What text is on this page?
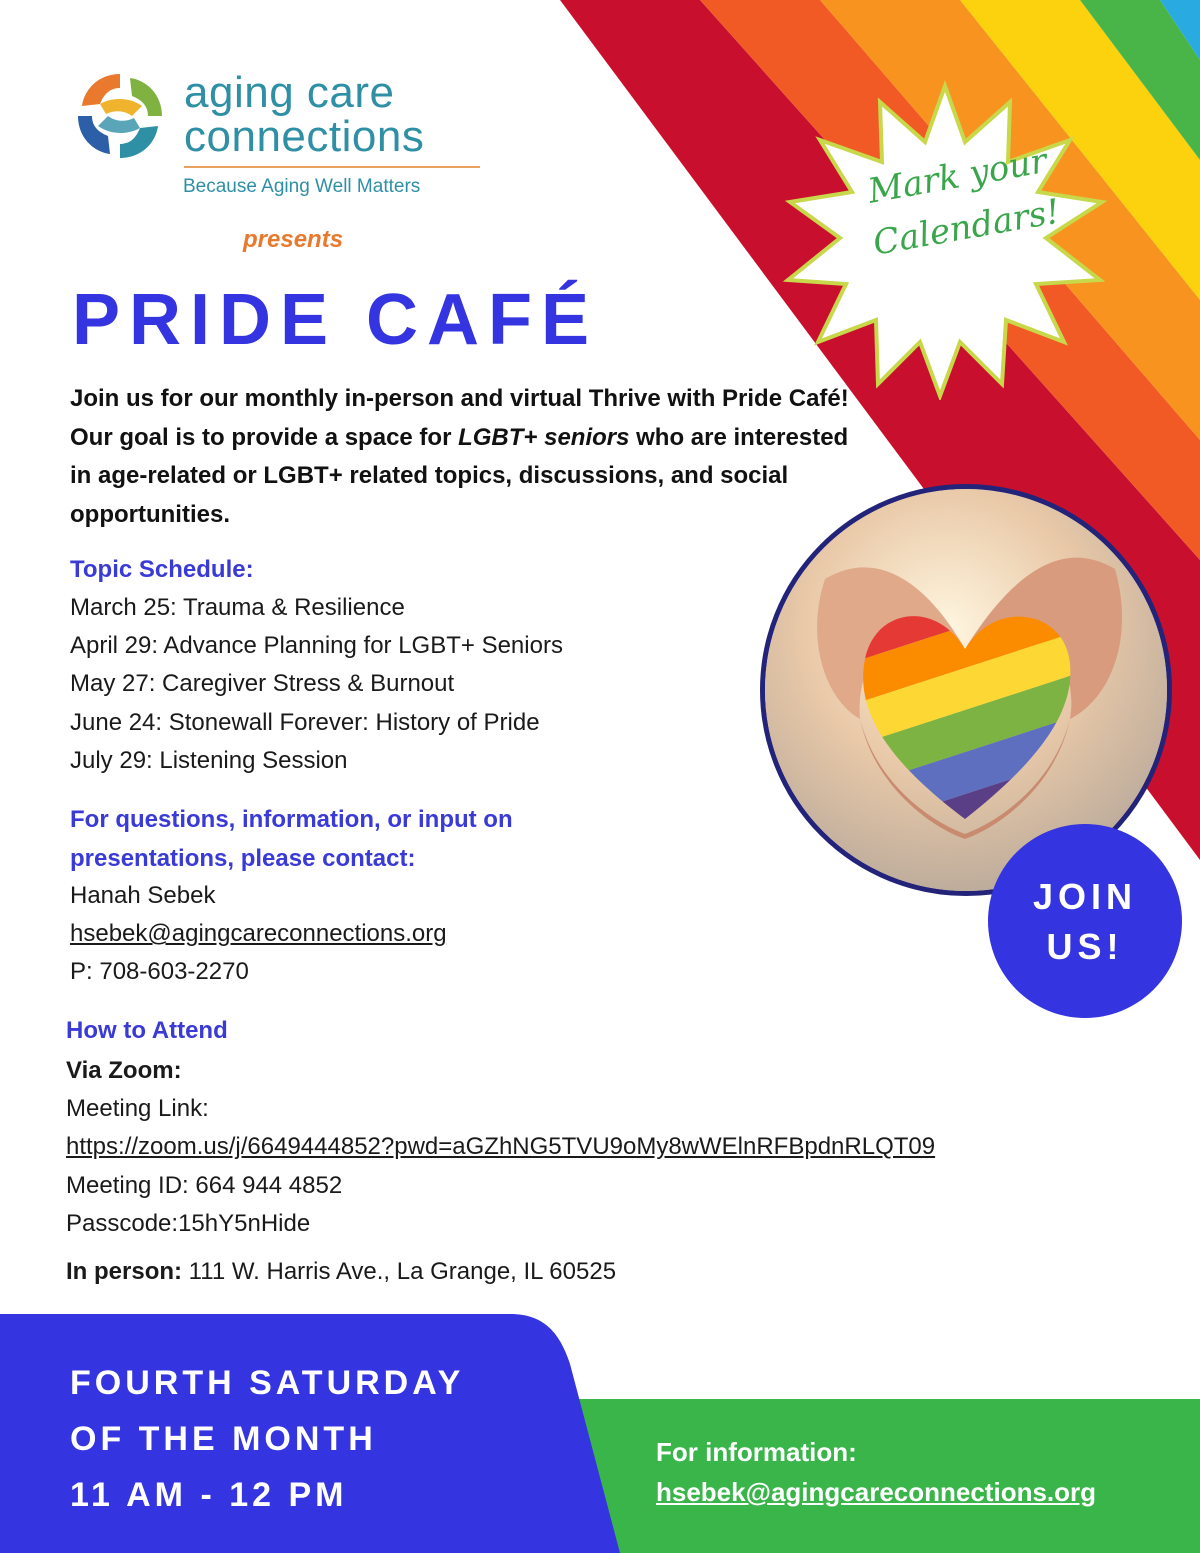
aging care
connections
Because Aging Well Matters
presents
PRIDE CAFÉ
Mark your
Calendars!
Join us for our monthly in-person and virtual Thrive with Pride Café! Our goal is to provide a space for LGBT+ seniors who are interested in age-related or LGBT+ related topics, discussions, and social opportunities.
Topic Schedule:
March 25: Trauma & Resilience
April 29: Advance Planning for LGBT+ Seniors
May 27: Caregiver Stress & Burnout
June 24: Stonewall Forever: History of Pride
July 29: Listening Session
For questions, information, or input on
presentations, please contact:
Hanah Sebek
hsebek@agingcareconnections.org
P: 708-603-2270
JOIN
US!
How to Attend
Via Zoom:
Meeting Link:
https://zoom.us/j/6649444852?pwd=aGZhNG5TVU9oMy8wWElnRFBpdnRLQT09
Meeting ID: 664 944 4852
Passcode:15hY5nHide
In person: 111 W. Harris Ave., La Grange, IL 60525
FOURTH SATURDAY
OF THE MONTH
11 AM - 12 PM
For information:
hsebek@agingcareconnections.org
